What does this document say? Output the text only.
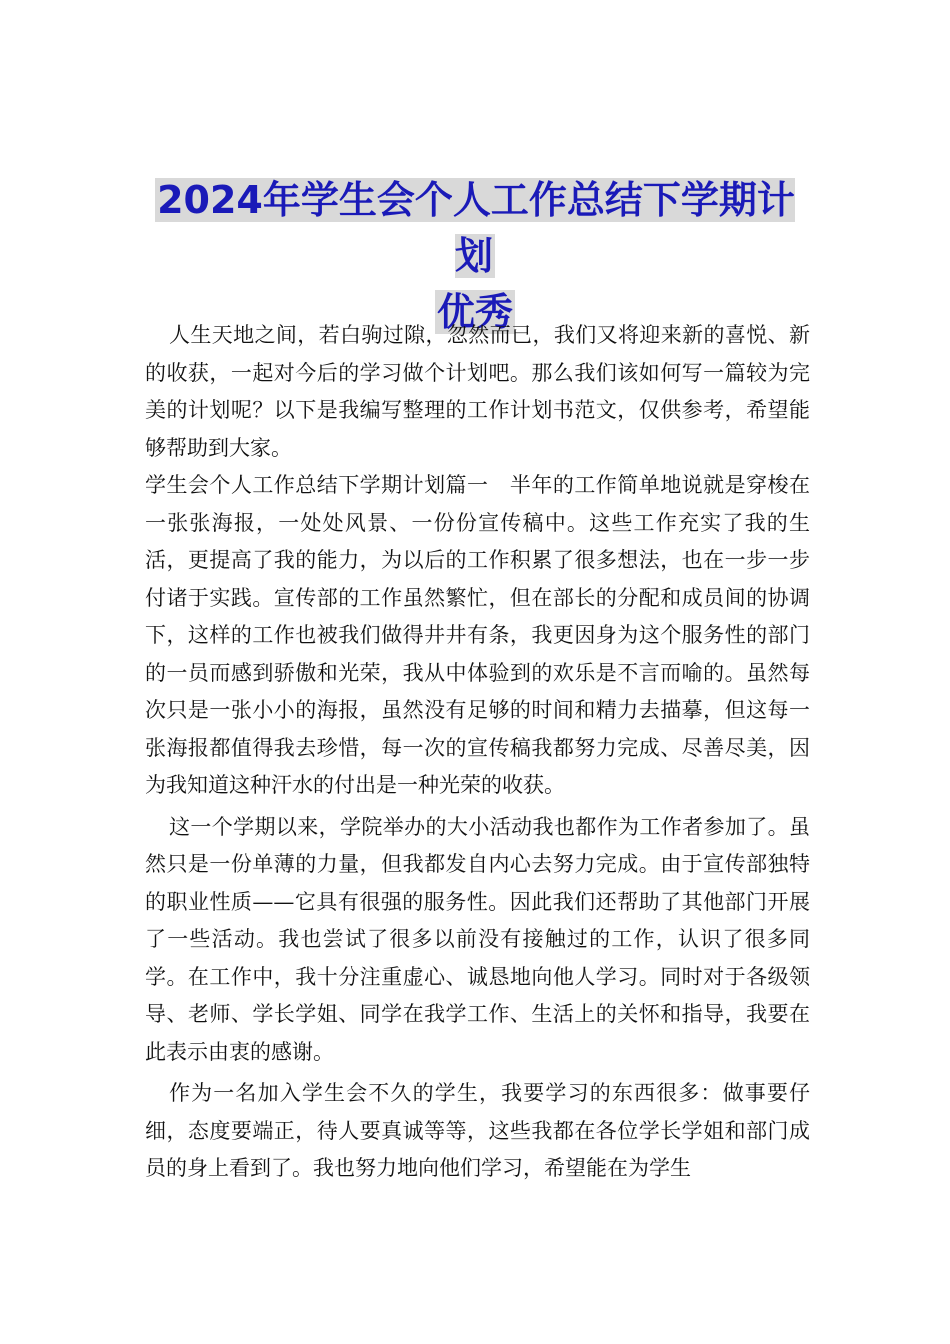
2024年学生会个人工作总结下学期计划
优秀

人生天地之间，若白驹过隙，忽然而已，我们又将迎来新的喜悦、新的收获，一起对今后的学习做个计划吧。那么我们该如何写一篇较为完美的计划呢？以下是我编写整理的工作计划书范文，仅供参考，希望能够帮助到大家。

学生会个人工作总结下学期计划篇一　半年的工作简单地说就是穿梭在一张张海报，一处处风景、一份份宣传稿中。这些工作充实了我的生活，更提高了我的能力，为以后的工作积累了很多想法，也在一步一步付诸于实践。宣传部的工作虽然繁忙，但在部长的分配和成员间的协调下，这样的工作也被我们做得井井有条，我更因身为这个服务性的部门的一员而感到骄傲和光荣，我从中体验到的欢乐是不言而喻的。虽然每次只是一张小小的海报，虽然没有足够的时间和精力去描摹，但这每一张海报都值得我去珍惜，每一次的宣传稿我都努力完成、尽善尽美，因为我知道这种汗水的付出是一种光荣的收获。

这一个学期以来，学院举办的大小活动我也都作为工作者参加了。虽然只是一份单薄的力量，但我都发自内心去努力完成。由于宣传部独特的职业性质——它具有很强的服务性。因此我们还帮助了其他部门开展了一些活动。我也尝试了很多以前没有接触过的工作，认识了很多同学。在工作中，我十分注重虚心、诚恳地向他人学习。同时对于各级领导、老师、学长学姐、同学在我学工作、生活上的关怀和指导，我要在此表示由衷的感谢。

作为一名加入学生会不久的学生，我要学习的东西很多：做事要仔细，态度要端正，待人要真诚等等，这些我都在各位学长学姐和部门成员的身上看到了。我也努力地向他们学习，希望能在为学生
